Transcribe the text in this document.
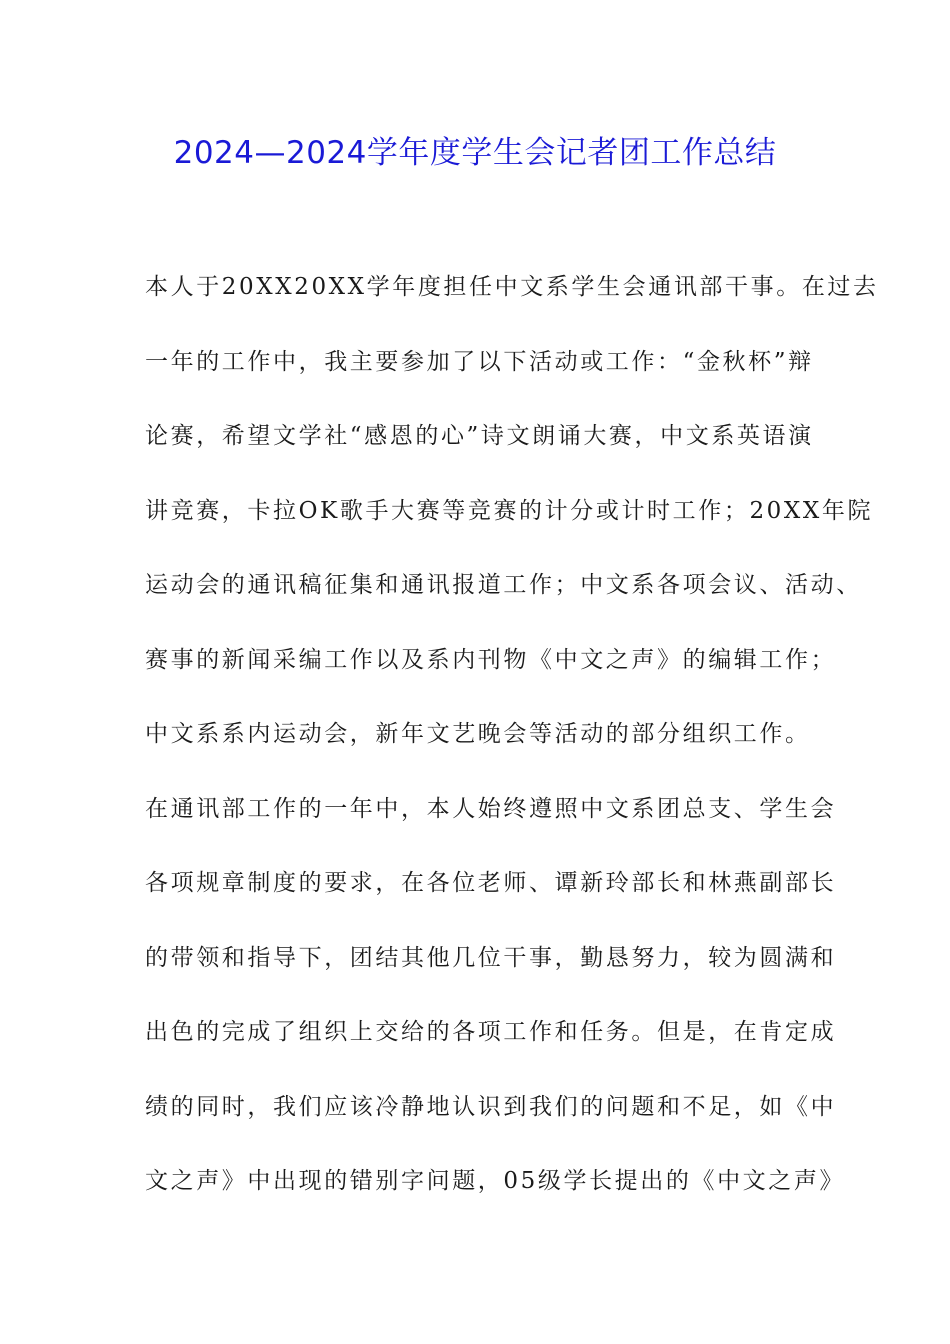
2024—2024学年度学生会记者团工作总结
本人于20XX20XX学年度担任中文系学生会通讯部干事。在过去
一年的工作中，我主要参加了以下活动或工作：“金秋杯”辩
论赛，希望文学社“感恩的心”诗文朗诵大赛，中文系英语演
讲竞赛，卡拉OK歌手大赛等竞赛的计分或计时工作；20XX年院
运动会的通讯稿征集和通讯报道工作；中文系各项会议、活动、
赛事的新闻采编工作以及系内刊物《中文之声》的编辑工作；
中文系系内运动会，新年文艺晚会等活动的部分组织工作。
在通讯部工作的一年中，本人始终遵照中文系团总支、学生会
各项规章制度的要求，在各位老师、谭新玲部长和林燕副部长
的带领和指导下，团结其他几位干事，勤恳努力，较为圆满和
出色的完成了组织上交给的各项工作和任务。但是，在肯定成
绩的同时，我们应该冷静地认识到我们的问题和不足，如《中
文之声》中出现的错别字问题，05级学长提出的《中文之声》
